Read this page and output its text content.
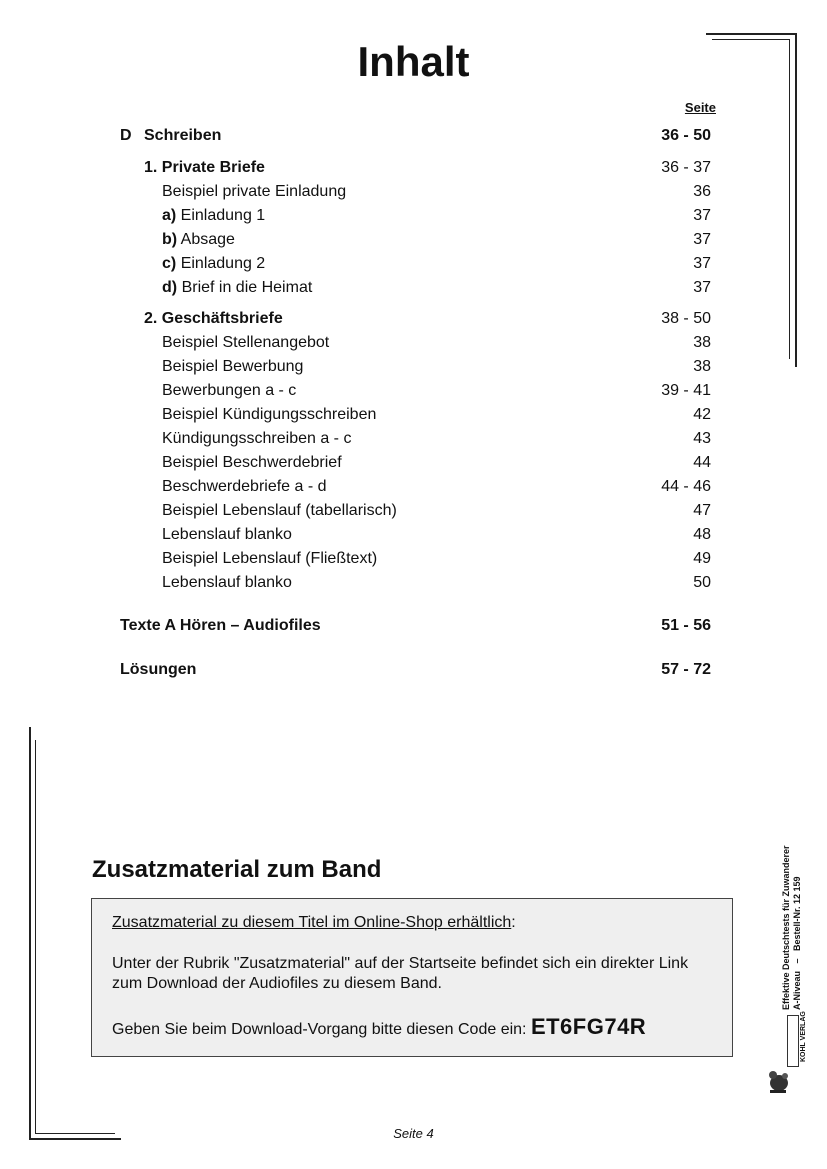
Inhalt
Seite
D Schreiben	36 - 50
1. Private Briefe	36 - 37
Beispiel private Einladung	36
a) Einladung 1	37
b) Absage	37
c) Einladung 2	37
d) Brief in die Heimat	37
2. Geschäftsbriefe	38 - 50
Beispiel Stellenangebot	38
Beispiel Bewerbung	38
Bewerbungen a - c	39 - 41
Beispiel Kündigungsschreiben	42
Kündigungsschreiben a - c	43
Beispiel Beschwerdebrief	44
Beschwerdebriefe a - d	44 - 46
Beispiel Lebenslauf (tabellarisch)	47
Lebenslauf blanko	48
Beispiel Lebenslauf (Fließtext)	49
Lebenslauf blanko	50
Texte A Hören – Audiofiles	51 - 56
Lösungen	57 - 72
Zusatzmaterial zum Band
Zusatzmaterial zu diesem Titel im Online-Shop erhältlich:
Unter der Rubrik "Zusatzmaterial" auf der Startseite befindet sich ein direkter Link
zum Download der Audiofiles zu diesem Band.
Geben Sie beim Download-Vorgang bitte diesen Code ein: ET6FG74R
Effektive Deutschtests für Zuwanderer A-Niveau   –   Bestell-Nr. 12 159
KOHL VERLAG
Seite 4
